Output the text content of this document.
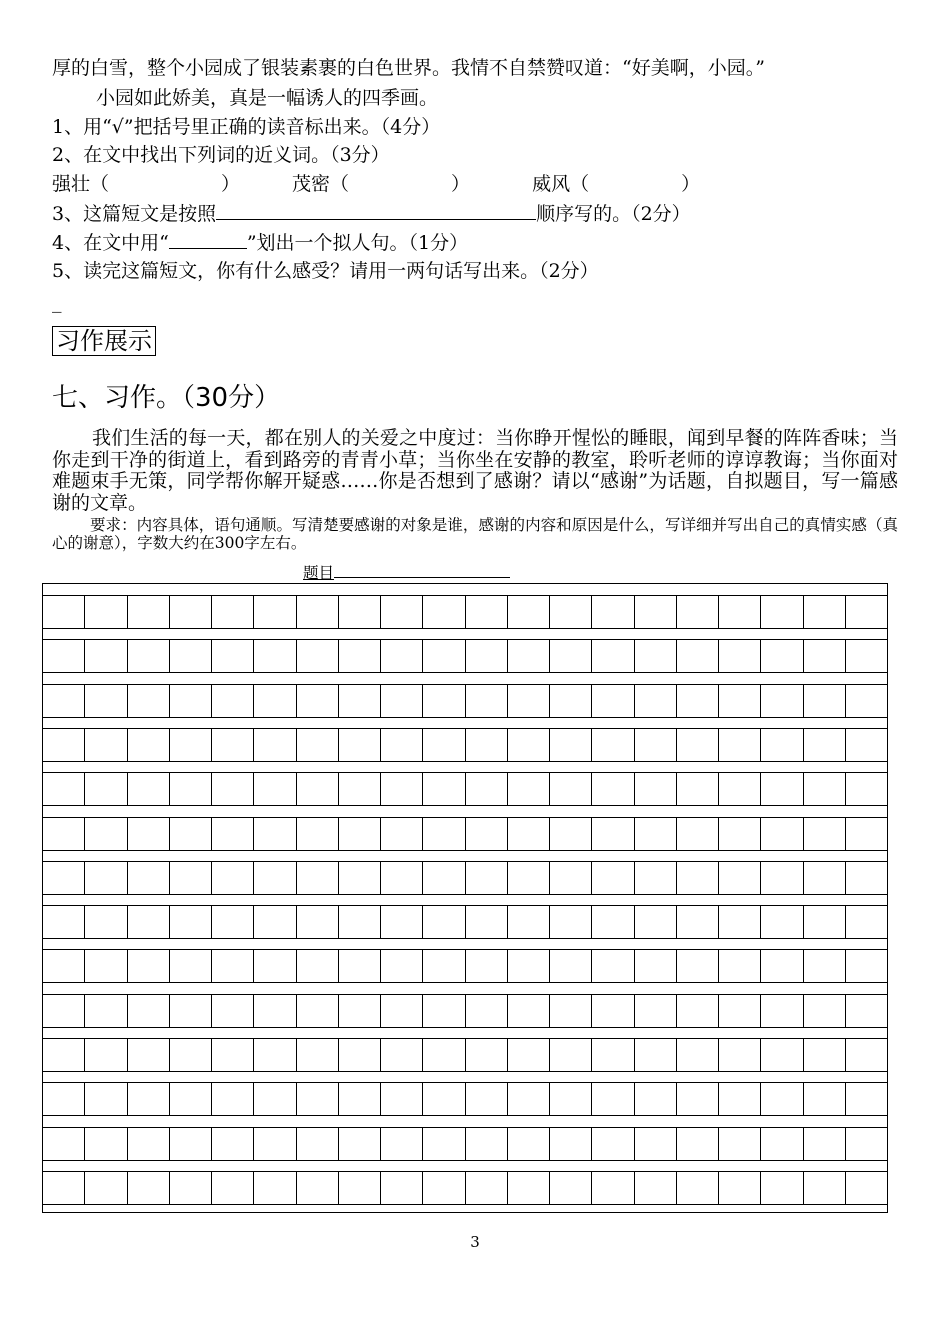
厚的白雪，整个小园成了银装素裹的白色世界。我情不自禁赞叹道：“好美啊，小园。”
小园如此娇美，真是一幅诱人的四季画。
1、用“√”把括号里正确的读音标出来。（4分）
2、在文中找出下列词的近义词。（3分）
强壮（	）	茂密（	）	威风（	）
3、这篇短文是按照	顺序写的。（2分）
4、在文中用“	”划出一个拟人句。（1分）
5、读完这篇短文，你有什么感受？请用一两句话写出来。（2分）
_
习作展示
七、习作。（30分）
我们生活的每一天，都在别人的关爱之中度过：当你睁开惺忪的睡眼，闻到早餐的阵阵香味；当你走到干净的街道上，看到路旁的青青小草；当你坐在安静的教室，聆听老师的谆谆教诲；当你面对难题束手无策，同学帮你解开疑惑……你是否想到了感谢？请以“感谢”为话题，自拟题目，写一篇感谢的文章。
要求：内容具体，语句通顺。写清楚要感谢的对象是谁，感谢的内容和原因是什么，写详细并写出自己的真情实感（真心的谢意），字数大约在300字左右。
题目
3
